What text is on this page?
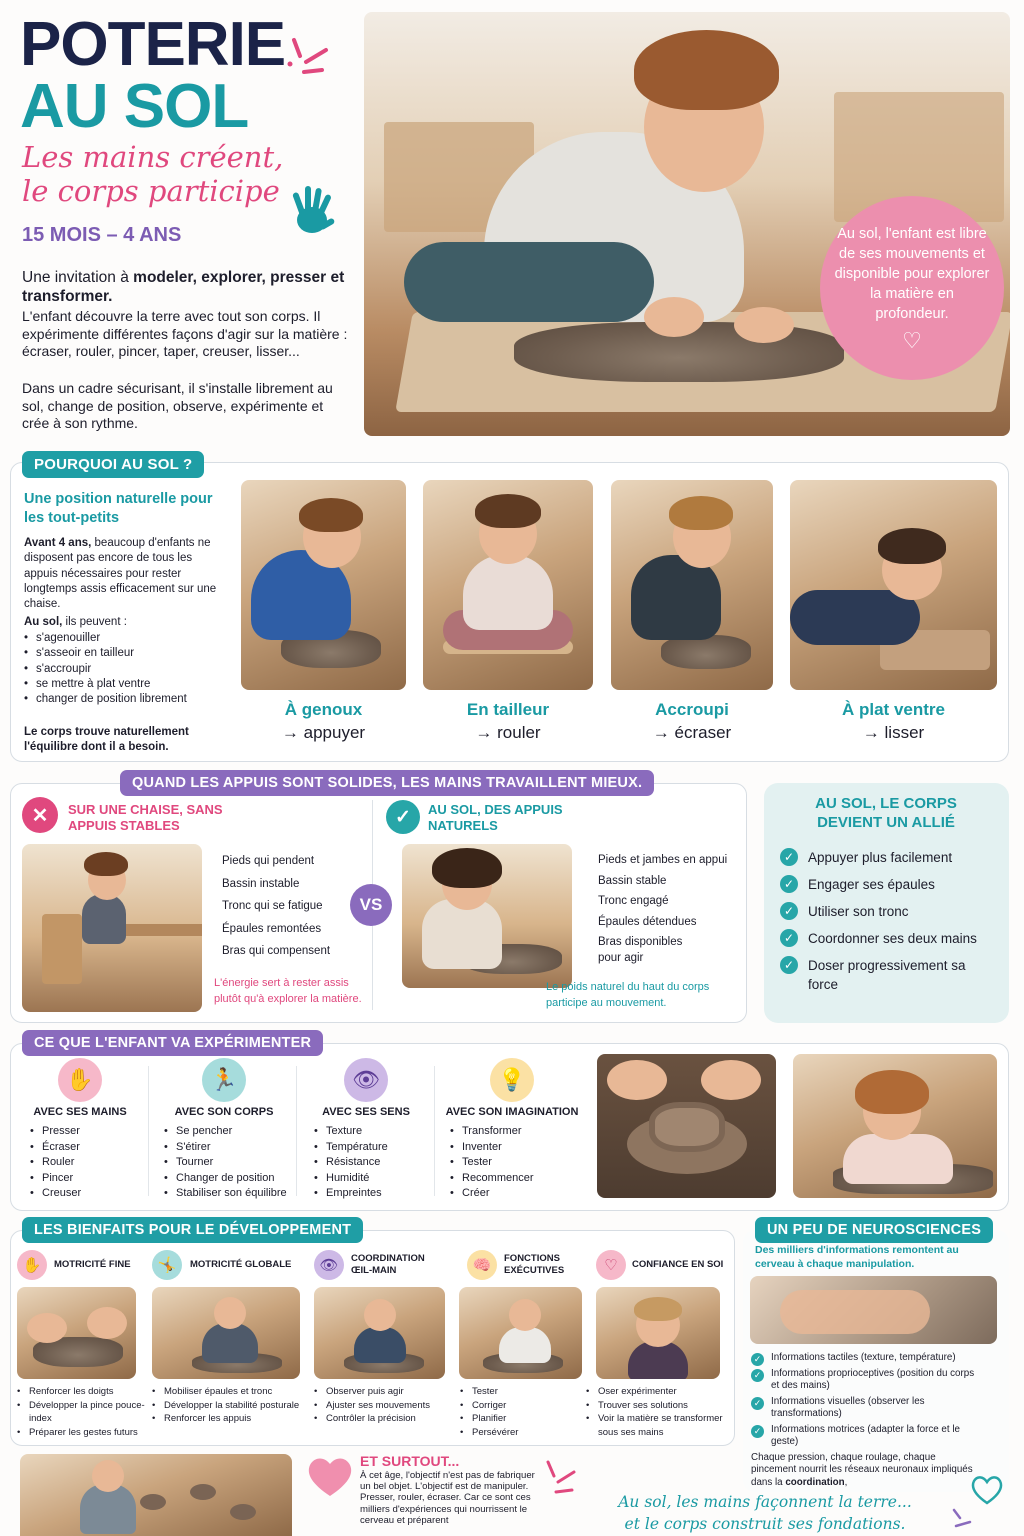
POTERIE
AU SOL
Les mains créent,
le corps participe
15 MOIS – 4 ANS
Une invitation à modeler, explorer, presser et transformer.
L'enfant découvre la terre avec tout son corps. Il expérimente différentes façons d'agir sur la matière : écraser, rouler, pincer, taper, creuser, lisser...
Dans un cadre sécurisant, il s'installe librement au sol, change de position, observe, expérimente et crée à son rythme.
Au sol, l'enfant est libre de ses mouvements et disponible pour explorer la matière en profondeur.
♡
POURQUOI AU SOL ?
Une position naturelle pour les tout-petits
Avant 4 ans, beaucoup d'enfants ne disposent pas encore de tous les appuis nécessaires pour rester longtemps assis efficacement sur une chaise.
Au sol, ils peuvent :
• s'agenouiller
• s'asseoir en tailleur
• s'accroupir
• se mettre à plat ventre
• changer de position librement
Le corps trouve naturellement l'équilibre dont il a besoin.
À genoux
→ appuyer
En tailleur
→ rouler
Accroupi
→ écraser
À plat ventre
→ lisser
QUAND LES APPUIS SONT SOLIDES, LES MAINS TRAVAILLENT MIEUX.
✕	SUR UNE CHAISE, SANS APPUIS STABLES
Pieds qui pendent
Bassin instable
Tronc qui se fatigue
Épaules remontées
Bras qui compensent
L'énergie sert à rester assis plutôt qu'à explorer la matière.
VS
✓	AU SOL, DES APPUIS NATURELS
Pieds et jambes en appui
Bassin stable
Tronc engagé
Épaules détendues
Bras disponibles pour agir
Le poids naturel du haut du corps participe au mouvement.
AU SOL, LE CORPS DEVIENT UN ALLIÉ
✓ Appuyer plus facilement
✓ Engager ses épaules
✓ Utiliser son tronc
✓ Coordonner ses deux mains
✓ Doser progressivement sa force
CE QUE L'ENFANT VA EXPÉRIMENTER
✋
AVEC SES MAINS
• Presser
• Écraser
• Rouler
• Pincer
• Creuser
🏃
AVEC SON CORPS
• Se pencher
• S'étirer
• Tourner
• Changer de position
• Stabiliser son équilibre
👁
AVEC SES SENS
• Texture
• Température
• Résistance
• Humidité
• Empreintes
💡
AVEC SON IMAGINATION
• Transformer
• Inventer
• Tester
• Recommencer
• Créer
LES BIENFAITS POUR LE DÉVELOPPEMENT
✋	MOTRICITÉ FINE
• Renforcer les doigts
• Développer la pince pouce-index
• Préparer les gestes futurs
🤸	MOTRICITÉ GLOBALE
• Mobiliser épaules et tronc
• Développer la stabilité posturale
• Renforcer les appuis
👁	COORDINATION ŒIL-MAIN
• Observer puis agir
• Ajuster ses mouvements
• Contrôler la précision
🧠	FONCTIONS EXÉCUTIVES
• Tester
• Corriger
• Planifier
• Persévérer
♡	CONFIANCE EN SOI
• Oser expérimenter
• Trouver ses solutions
• Voir la matière se transformer sous ses mains
UN PEU DE NEUROSCIENCES
Des milliers d'informations remontent au cerveau à chaque manipulation.
✓ Informations tactiles (texture, température)
✓ Informations proprioceptives (position du corps et des mains)
✓ Informations visuelles (observer les transformations)
✓ Informations motrices (adapter la force et le geste)
Chaque pression, chaque roulage, chaque pincement nourrit les réseaux neuronaux impliqués dans la coordination,
ET SURTOUT...
À cet âge, l'objectif n'est pas de fabriquer un bel objet. L'objectif est de manipuler. Presser, rouler, écraser. Car ce sont ces milliers d'expériences qui nourrissent le cerveau et préparent
Au sol, les mains façonnent la terre...
et le corps construit ses fondations.
